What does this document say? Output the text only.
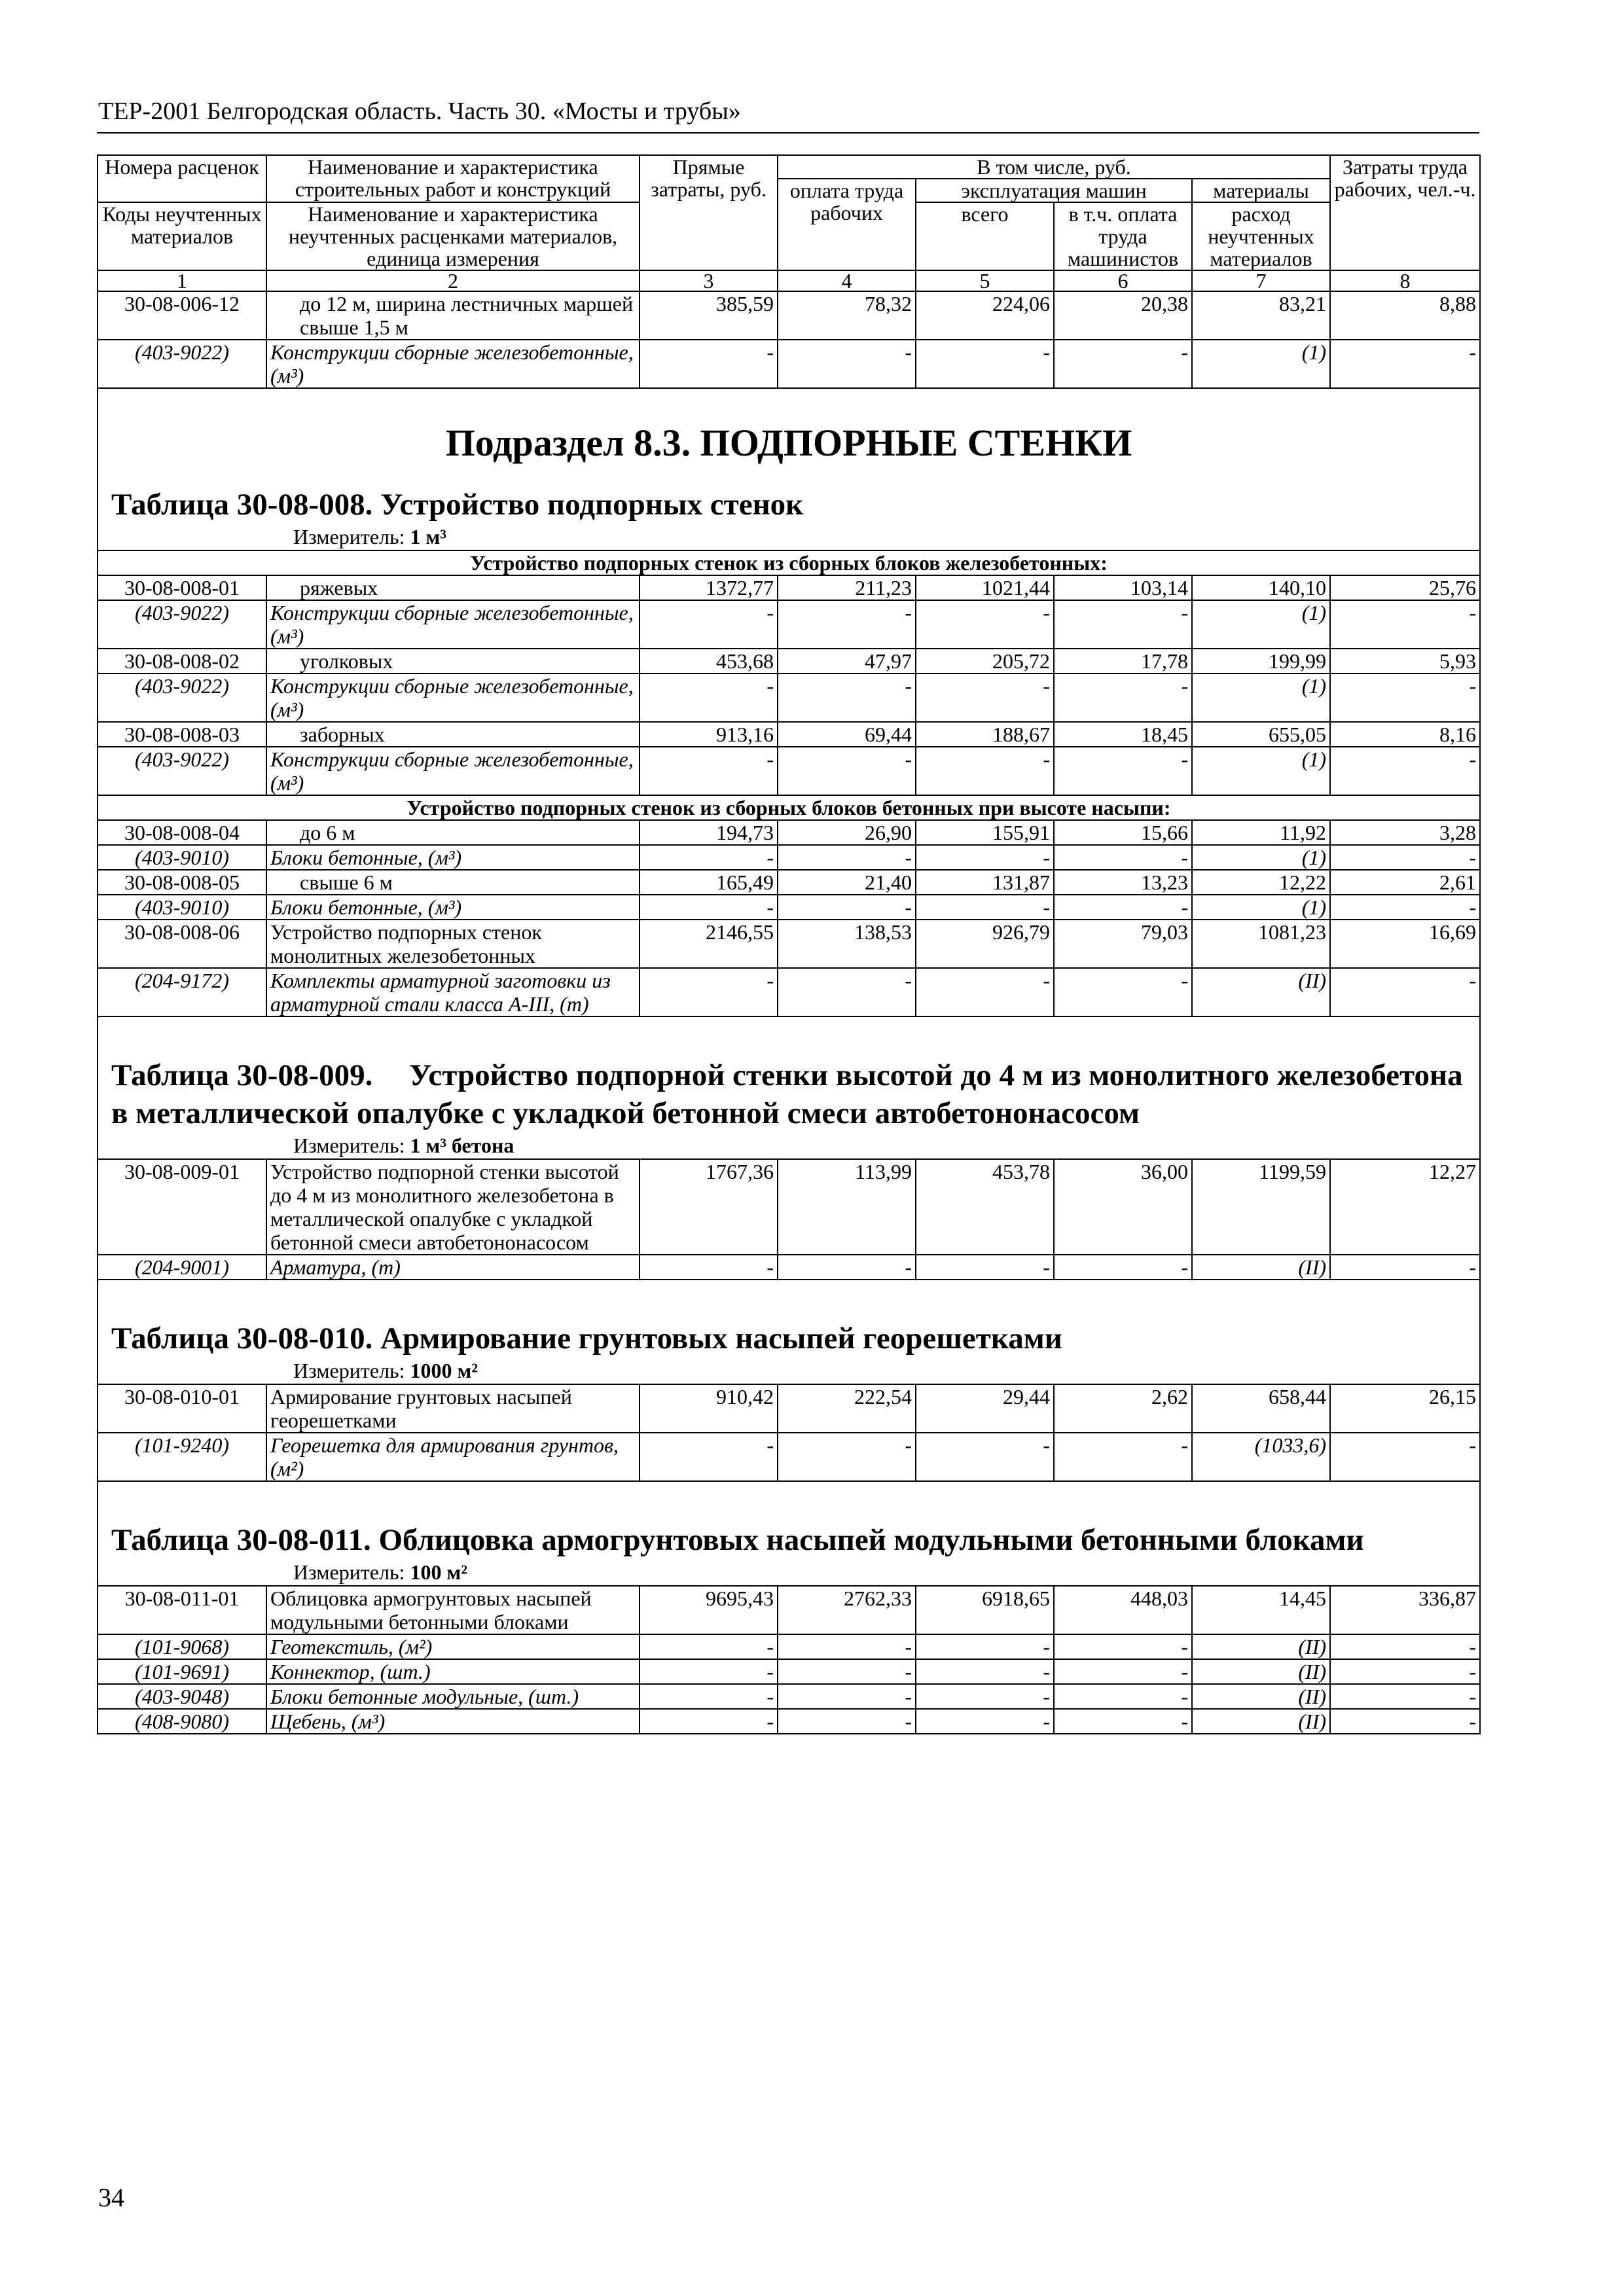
ТЕР-2001 Белгородская область. Часть 30. «Мосты и трубы»
Номера расценок	Наименование и характеристика строительных работ и конструкций	Прямые затраты, руб.	В том числе, руб.				Затраты труда рабочих, чел.-ч.
			оплата труда рабочих	эксплуатация машин		материалы	
Коды неучтенных материалов	Наименование и характеристика неучтенных расценками материалов, единица измерения			всего	в т.ч. оплата труда машинистов	расход неучтенных материалов	

1	2	3	4	5	6	7	8
30-08-006-12	до 12 м, ширина лестничных маршей свыше 1,5 м	385,59	78,32	224,06	20,38	83,21	8,88
(403-9022)	Конструкции сборные железобетонные, (м³)	-	-	-	-	(1)	-

Подраздел 8.3. ПОДПОРНЫЕ СТЕНКИ
Таблица 30-08-008. Устройство подпорных стенок
Измеритель: 1 м³							

Устройство подпорных стенок из сборных блоков железобетонных:							
30-08-008-01	ряжевых	1372,77	211,23	1021,44	103,14	140,10	25,76
(403-9022)	Конструкции сборные железобетонные, (м³)	-	-	-	-	(1)	-
30-08-008-02	уголковых	453,68	47,97	205,72	17,78	199,99	5,93
(403-9022)	Конструкции сборные железобетонные, (м³)	-	-	-	-	(1)	-
30-08-008-03	заборных	913,16	69,44	188,67	18,45	655,05	8,16
(403-9022)	Конструкции сборные железобетонные, (м³)	-	-	-	-	(1)	-
Устройство подпорных стенок из сборных блоков бетонных при высоте насыпи:							
30-08-008-04	до 6 м	194,73	26,90	155,91	15,66	11,92	3,28
(403-9010)	Блоки бетонные, (м³)	-	-	-	-	(1)	-
30-08-008-05	свыше 6 м	165,49	21,40	131,87	13,23	12,22	2,61
(403-9010)	Блоки бетонные, (м³)	-	-	-	-	(1)	-
30-08-008-06	Устройство подпорных стенок монолитных железобетонных	2146,55	138,53	926,79	79,03	1081,23	16,69
(204-9172)	Комплекты арматурной заготовки из арматурной стали класса А-III, (т)	-	-	-	-	(II)	-

Таблица 30-08-009. Устройство подпорной стенки высотой до 4 м из монолитного железобетона в металлической опалубке с укладкой бетонной смеси автобетононасосом
Измеритель: 1 м³ бетона							

30-08-009-01	Устройство подпорной стенки высотой до 4 м из монолитного железобетона в металлической опалубке с укладкой бетонной смеси автобетононасосом	1767,36	113,99	453,78	36,00	1199,59	12,27
(204-9001)	Арматура, (т)	-	-	-	-	(II)	-

Таблица 30-08-010. Армирование грунтовых насыпей георешетками
Измеритель: 1000 м²							

30-08-010-01	Армирование грунтовых насыпей георешетками	910,42	222,54	29,44	2,62	658,44	26,15
(101-9240)	Георешетка для армирования грунтов, (м²)	-	-	-	-	(1033,6)	-

Таблица 30-08-011. Облицовка армогрунтовых насыпей модульными бетонными блоками
Измеритель: 100 м²							

30-08-011-01	Облицовка армогрунтовых насыпей модульными бетонными блоками	9695,43	2762,33	6918,65	448,03	14,45	336,87
(101-9068)	Геотекстиль, (м²)	-	-	-	-	(II)	-
(101-9691)	Коннектор, (шт.)	-	-	-	-	(II)	-
(403-9048)	Блоки бетонные модульные, (шт.)	-	-	-	-	(II)	-
(408-9080)	Щебень, (м³)	-	-	-	-	(II)	-
34
